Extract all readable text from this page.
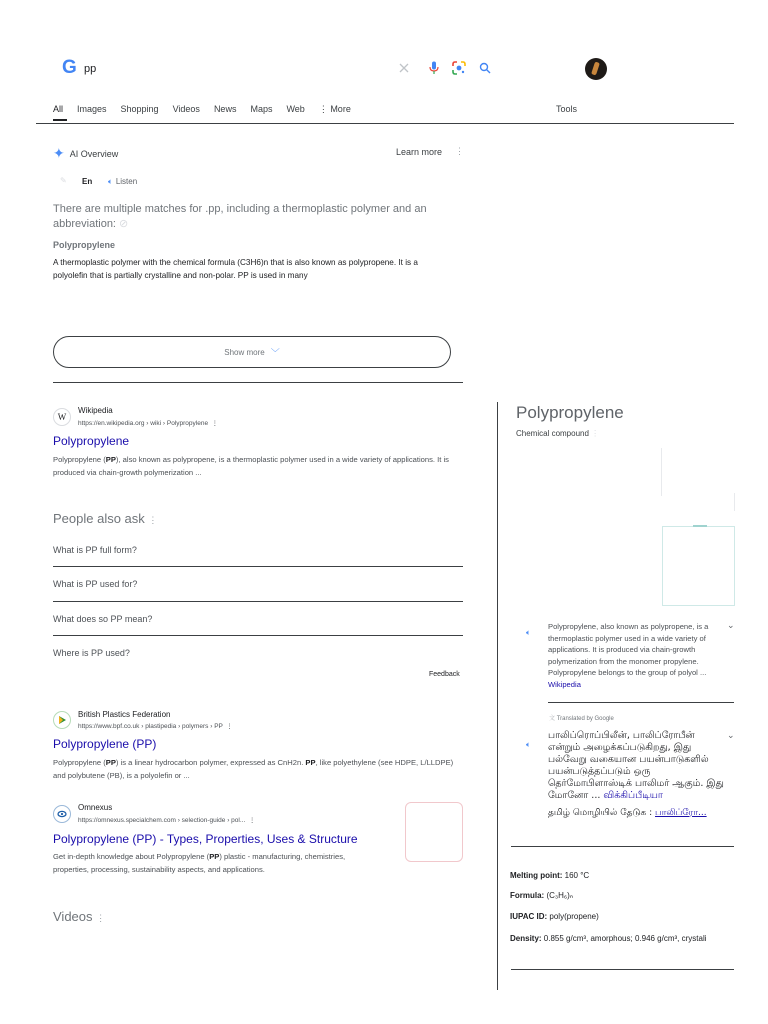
G pp
All Images Shopping Videos News Maps Web ⋮ More	Tools
✦ AI Overview	Learn more ⋮
✎ En 🔈︎ Listen
There are multiple matches for .pp, including a thermoplastic polymer and an abbreviation: ⊘
Polypropylene
A thermoplastic polymer with the chemical formula (C3H6)n that is also known as polypropene. It is a polyolefin that is partially crystalline and non-polar. PP is used in many
Show more ﹀
W
Wikipedia
https://en.wikipedia.org › wiki › Polypropylene  ⋮
Polypropylene
Polypropylene (PP), also known as polypropene, is a thermoplastic polymer used in a wide variety of applications. It is produced via chain-growth polymerization ...
People also ask ⋮
What is PP full form?
What is PP used for?
What does so PP mean?
Where is PP used?
Feedback
British Plastics Federation
https://www.bpf.co.uk › plastipedia › polymers › PP  ⋮
Polypropylene (PP)
Polypropylene (PP) is a linear hydrocarbon polymer, expressed as CnH2n. PP, like polyethylene (see HDPE, L/LLDPE) and polybutene (PB), is a polyolefin or ...
Omnexus
https://omnexus.specialchem.com › selection-guide › pol...  ⋮
Polypropylene (PP) - Types, Properties, Uses & Structure
Get in-depth knowledge about Polypropylene (PP) plastic - manufacturing, chemistries, properties, processing, sustainability aspects, and applications.
Videos ⋮
Polypropylene
Chemical compound ⋮
🔈︎
Polypropylene, also known as polypropene, is a thermoplastic polymer used in a wide variety of applications. It is produced via chain-growth polymerization from the monomer propylene. Polypropylene belongs to the group of polyol ... Wikipedia
⌄
文 Translated by Google
🔈︎
பாலிப்ரொப்பிலீன், பாலிப்ரோபீன் என்றும் அழைக்கப்படுகிறது, இது பல்வேறு வகையான பயன்பாடுகளில் பயன்படுத்தப்படும் ஒரு தெர்மோபிளாஸ்டிக் பாலிமர் ஆகும். இது மோனோ ... விக்கிப்பீடியா
⌄
தமிழ் மொழியில் தேடுக : பாலிப்ரோ...
Melting point: 160 °C
Formula: (C₃H₆)ₙ
IUPAC ID: poly(propene)
Density: 0.855 g/cm³, amorphous; 0.946 g/cm³, crystali
